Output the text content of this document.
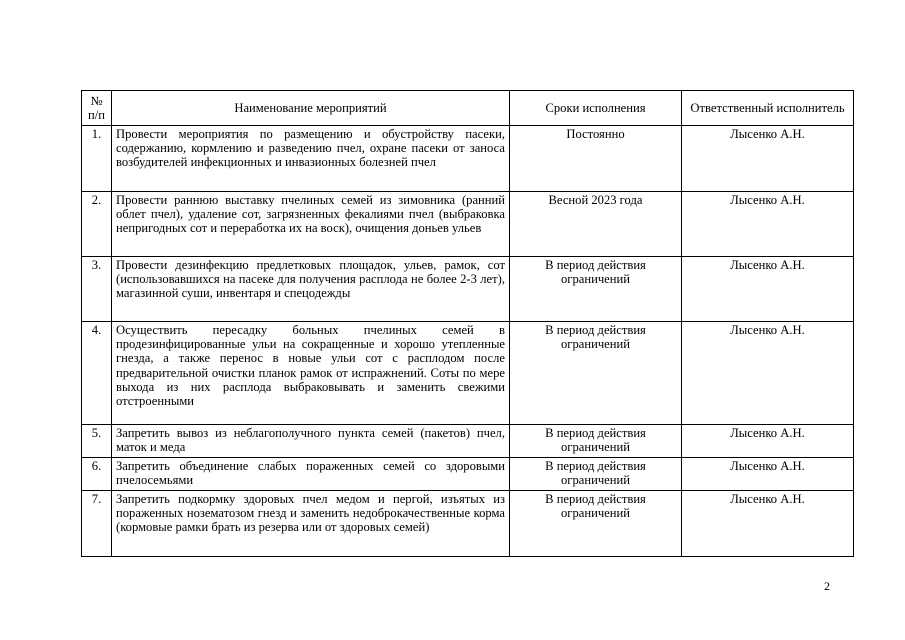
№ п/п	Наименование мероприятий	Сроки исполнения	Ответственный исполнитель
1.	Провести мероприятия по размещению и обустройству пасеки, содержанию, кормлению и разведению пчел, охране пасеки от заноса возбудителей инфекционных и инвазионных болезней пчел	Постоянно	Лысенко А.Н.
2.	Провести раннюю выставку пчелиных семей из зимовника (ранний облет пчел), удаление сот, загрязненных фекалиями пчел (выбраковка непригодных сот и переработка их на воск), очищения доньев ульев	Весной 2023 года	Лысенко А.Н.
3.	Провести дезинфекцию предлетковых площадок, ульев, рамок, сот (использовавшихся на пасеке для получения расплода не более 2-3 лет), магазинной суши, инвентаря и спецодежды	В период действия ограничений	Лысенко А.Н.
4.	Осуществить пересадку больных пчелиных семей в продезинфицированные ульи на сокращенные и хорошо утепленные гнезда, а также перенос в новые ульи сот с расплодом после предварительной очистки планок рамок от испражнений. Соты по мере выхода из них расплода выбраковывать и заменить свежими отстроенными	В период действия ограничений	Лысенко А.Н.
5.	Запретить вывоз из неблагополучного пункта семей (пакетов) пчел, маток и меда	В период действия ограничений	Лысенко А.Н.
6.	Запретить объединение слабых пораженных семей со здоровыми пчелосемьями	В период действия ограничений	Лысенко А.Н.
7.	Запретить подкормку здоровых пчел медом и пергой, изъятых из пораженных нозематозом гнезд и заменить недоброкачественные корма (кормовые рамки брать из резерва или от здоровых семей)	В период действия ограничений	Лысенко А.Н.
2
